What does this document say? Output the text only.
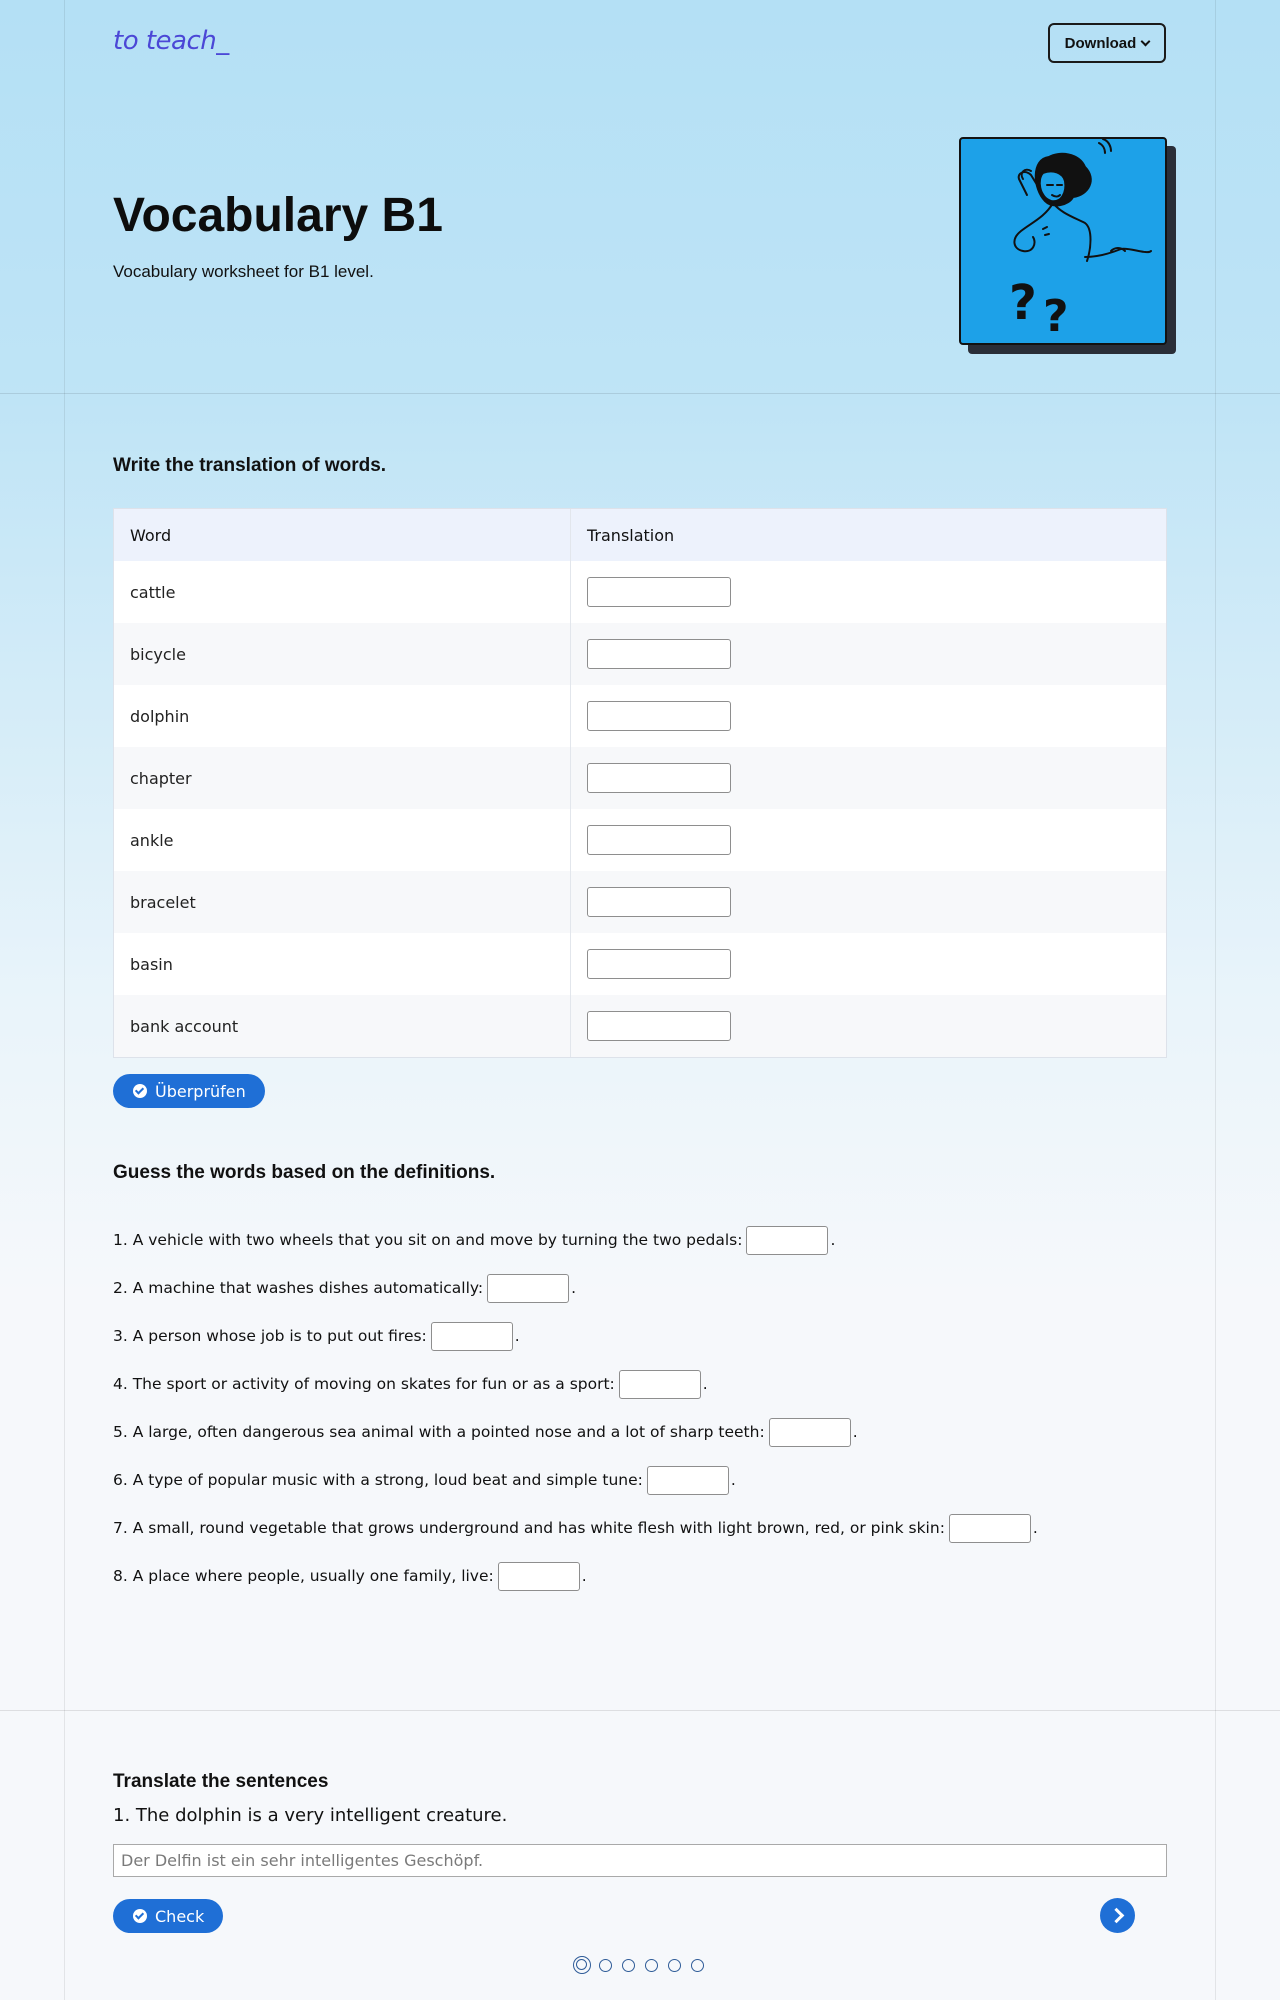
to teach_	Download
Vocabulary B1

Vocabulary worksheet for B1 level.

? ?
Write the translation of words.
Word	Translation
cattle
bicycle
dolphin
chapter
ankle
bracelet
basin
bank account
Überprüfen
Guess the words based on the definitions.
1. A vehicle with two wheels that you sit on and move by turning the two pedals:	.
2. A machine that washes dishes automatically:	.
3. A person whose job is to put out fires:	.
4. The sport or activity of moving on skates for fun or as a sport:	.
5. A large, often dangerous sea animal with a pointed nose and a lot of sharp teeth:	.
6. A type of popular music with a strong, loud beat and simple tune:	.
7. A small, round vegetable that grows underground and has white flesh with light brown, red, or pink skin:	.
8. A place where people, usually one family, live:	.
Translate the sentences
1. The dolphin is a very intelligent creature.
Der Delfin ist ein sehr intelligentes Geschöpf.
Check
